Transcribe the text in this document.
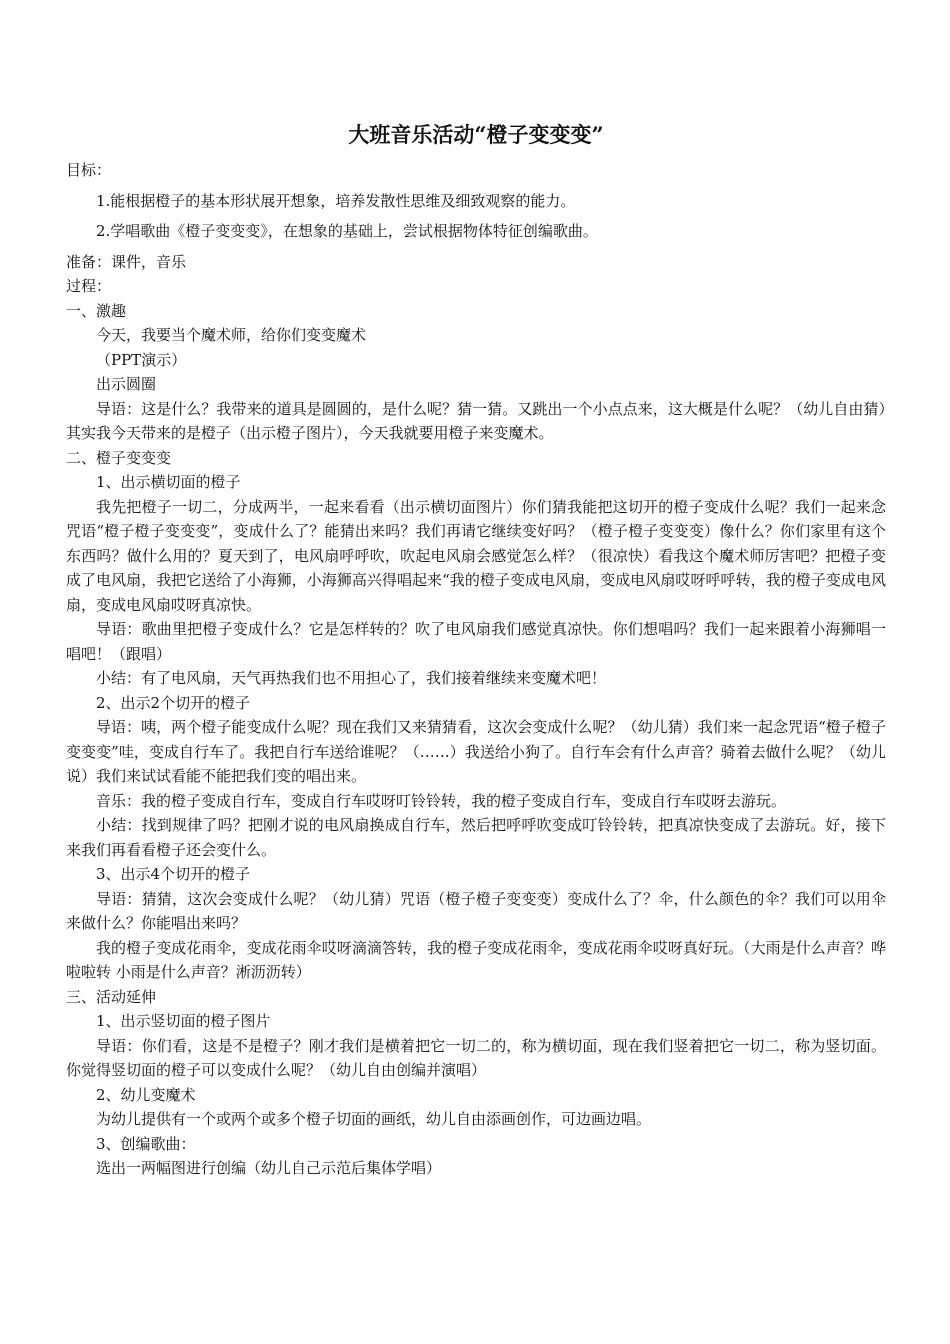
大班音乐活动“橙子变变变”

目标：

1.能根据橙子的基本形状展开想象，培养发散性思维及细致观察的能力。

2.学唱歌曲《橙子变变变》，在想象的基础上，尝试根据物体特征创编歌曲。

准备：课件，音乐

过程：

一、激趣

今天，我要当个魔术师，给你们变变魔术

（PPT演示）

出示圆圈

导语：这是什么？我带来的道具是圆圆的，是什么呢？猜一猜。又跳出一个小点点来，这大概是什么呢？（幼儿自由猜）其实我今天带来的是橙子（出示橙子图片），今天我就要用橙子来变魔术。

二、橙子变变变

1、出示横切面的橙子

我先把橙子一切二，分成两半，一起来看看（出示横切面图片）你们猜我能把这切开的橙子变成什么呢？我们一起来念咒语“橙子橙子变变变”，变成什么了？能猜出来吗？我们再请它继续变好吗？（橙子橙子变变变）像什么？你们家里有这个东西吗？做什么用的？夏天到了，电风扇呼呼吹，吹起电风扇会感觉怎么样？（很凉快）看我这个魔术师厉害吧？把橙子变成了电风扇，我把它送给了小海狮，小海狮高兴得唱起来“我的橙子变成电风扇，变成电风扇哎呀呼呼转，我的橙子变成电风扇，变成电风扇哎呀真凉快。

导语：歌曲里把橙子变成什么？它是怎样转的？吹了电风扇我们感觉真凉快。你们想唱吗？我们一起来跟着小海狮唱一唱吧！（跟唱）

小结：有了电风扇，天气再热我们也不用担心了，我们接着继续来变魔术吧！

2、出示2个切开的橙子

导语：咦，两个橙子能变成什么呢？现在我们又来猜猜看，这次会变成什么呢？（幼儿猜）我们来一起念咒语“橙子橙子变变变”哇，变成自行车了。我把自行车送给谁呢？（……）我送给小狗了。自行车会有什么声音？骑着去做什么呢？（幼儿说）我们来试试看能不能把我们变的唱出来。

音乐：我的橙子变成自行车，变成自行车哎呀叮铃铃转，我的橙子变成自行车，变成自行车哎呀去游玩。

小结：找到规律了吗？把刚才说的电风扇换成自行车，然后把呼呼吹变成叮铃铃转，把真凉快变成了去游玩。好，接下来我们再看看橙子还会变什么。

3、出示4个切开的橙子

导语：猜猜，这次会变成什么呢？（幼儿猜）咒语（橙子橙子变变变）变成什么了？伞，什么颜色的伞？我们可以用伞来做什么？你能唱出来吗？

我的橙子变成花雨伞，变成花雨伞哎呀滴滴答转，我的橙子变成花雨伞，变成花雨伞哎呀真好玩。（大雨是什么声音？哗啦啦转 小雨是什么声音？淅沥沥转）

三、活动延伸

1、出示竖切面的橙子图片

导语：你们看，这是不是橙子？刚才我们是横着把它一切二的，称为横切面，现在我们竖着把它一切二，称为竖切面。你觉得竖切面的橙子可以变成什么呢？（幼儿自由创编并演唱）

2、幼儿变魔术

为幼儿提供有一个或两个或多个橙子切面的画纸，幼儿自由添画创作，可边画边唱。

3、创编歌曲：

选出一两幅图进行创编（幼儿自己示范后集体学唱）
